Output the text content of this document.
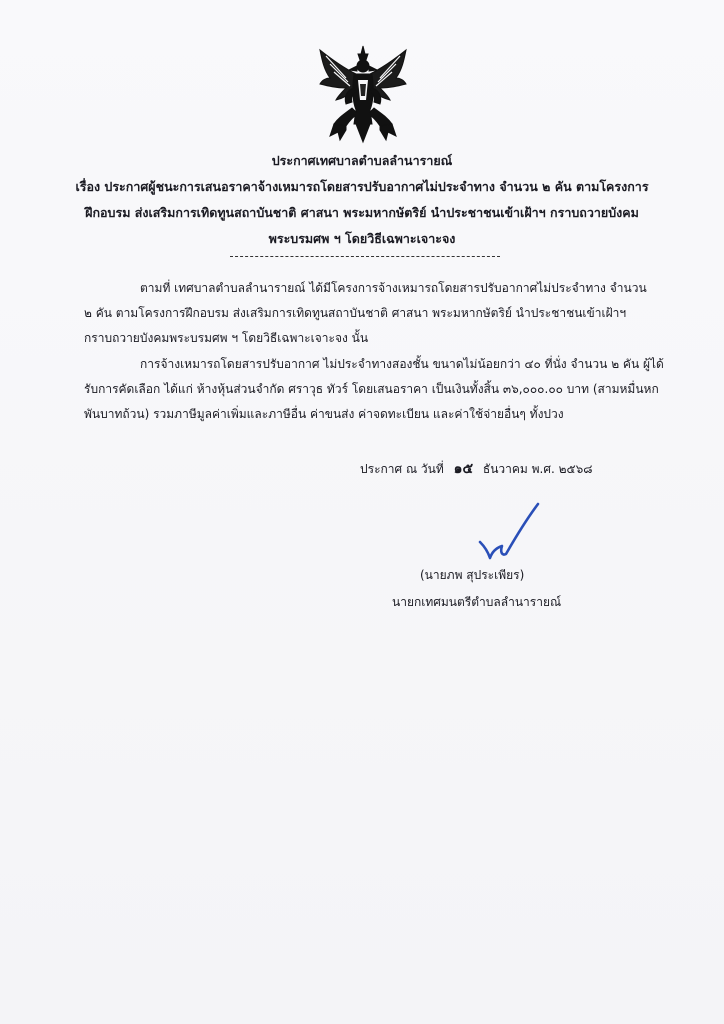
ประกาศเทศบาลตำบลลำนารายณ์
เรื่อง ประกาศผู้ชนะการเสนอราคาจ้างเหมารถโดยสารปรับอากาศไม่ประจำทาง จำนวน ๒ คัน ตามโครงการ
ฝึกอบรม ส่งเสริมการเทิดทูนสถาบันชาติ ศาสนา พระมหากษัตริย์ นำประชาชนเข้าเฝ้าฯ กราบถวายบังคม
พระบรมศพ ฯ โดยวิธีเฉพาะเจาะจง
ตามที่ เทศบาลตำบลลำนารายณ์ ได้มีโครงการจ้างเหมารถโดยสารปรับอากาศไม่ประจำทาง จำนวน
๒ คัน ตามโครงการฝึกอบรม ส่งเสริมการเทิดทูนสถาบันชาติ ศาสนา พระมหากษัตริย์ นำประชาชนเข้าเฝ้าฯ
กราบถวายบังคมพระบรมศพ ฯ โดยวิธีเฉพาะเจาะจง นั้น
การจ้างเหมารถโดยสารปรับอากาศ ไม่ประจำทางสองชั้น ขนาดไม่น้อยกว่า ๔๐ ที่นั่ง จำนวน ๒ คัน ผู้ได้
รับการคัดเลือก ได้แก่ ห้างหุ้นส่วนจำกัด ศราวุธ ทัวร์ โดยเสนอราคา เป็นเงินทั้งสิ้น ๓๖,๐๐๐.๐๐ บาท (สามหมื่นหก
พันบาทถ้วน) รวมภาษีมูลค่าเพิ่มและภาษีอื่น ค่าขนส่ง ค่าจดทะเบียน และค่าใช้จ่ายอื่นๆ ทั้งปวง
ประกาศ ณ วันที่ ๑๕ ธันวาคม พ.ศ. ๒๕๖๘
(นายภพ สุประเพียร)
นายกเทศมนตรีตำบลลำนารายณ์
